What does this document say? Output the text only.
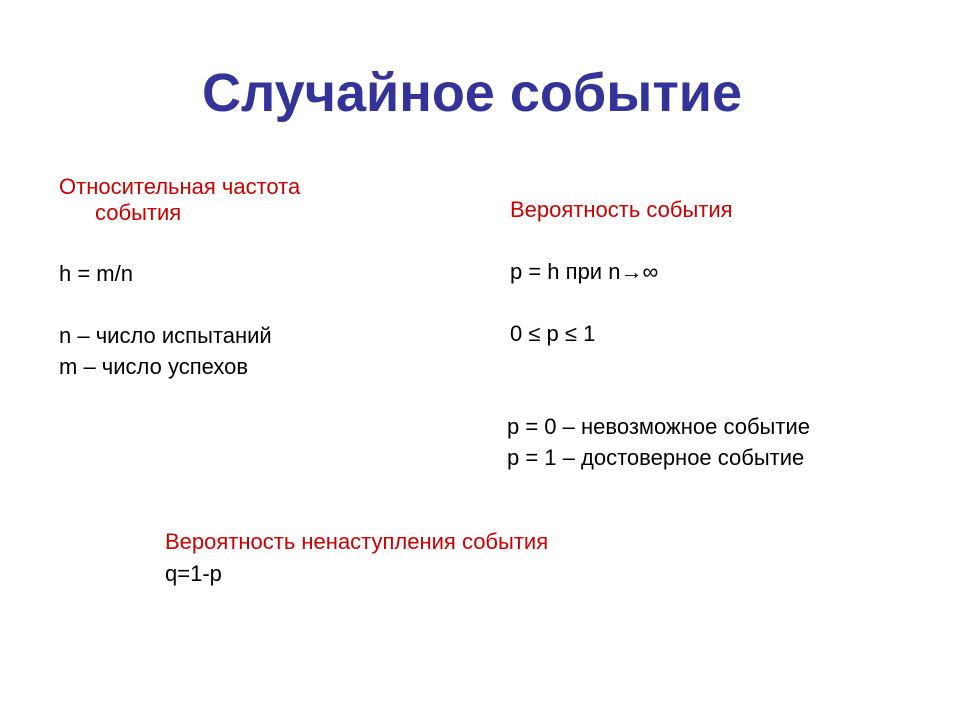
Случайное событие
Относительная частота
события
h = m/n
n – число испытаний
m – число успехов
Вероятность события
p = h при n→∞
0 ≤ p ≤ 1
p = 0 – невозможное событие
p = 1 – достоверное событие
Вероятность ненаступления события
q=1-p
